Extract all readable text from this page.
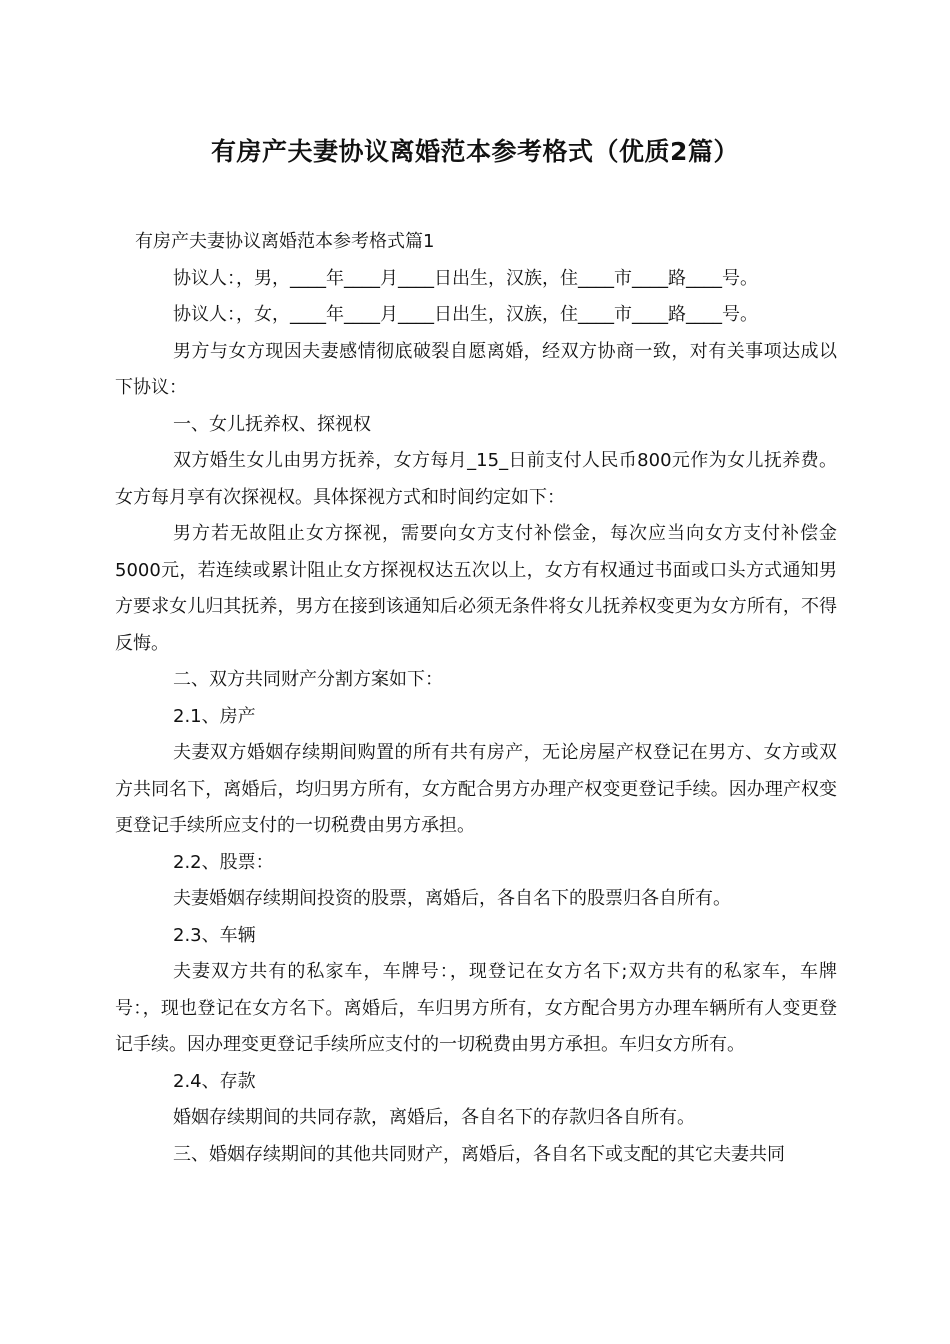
有房产夫妻协议离婚范本参考格式（优质2篇）

有房产夫妻协议离婚范本参考格式篇1

协议人：，男，____年____月____日出生，汉族，住____市____路____号。

协议人：，女，____年____月____日出生，汉族，住____市____路____号。

男方与女方现因夫妻感情彻底破裂自愿离婚，经双方协商一致，对有关事项达成以下协议：

一、女儿抚养权、探视权

双方婚生女儿由男方抚养，女方每月_15_日前支付人民币800元作为女儿抚养费。女方每月享有次探视权。具体探视方式和时间约定如下：

男方若无故阻止女方探视，需要向女方支付补偿金，每次应当向女方支付补偿金5000元，若连续或累计阻止女方探视权达五次以上，女方有权通过书面或口头方式通知男方要求女儿归其抚养，男方在接到该通知后必须无条件将女儿抚养权变更为女方所有，不得反悔。

二、双方共同财产分割方案如下：

2.1、房产

夫妻双方婚姻存续期间购置的所有共有房产，无论房屋产权登记在男方、女方或双方共同名下，离婚后，均归男方所有，女方配合男方办理产权变更登记手续。因办理产权变更登记手续所应支付的一切税费由男方承担。

2.2、股票：

夫妻婚姻存续期间投资的股票，离婚后，各自名下的股票归各自所有。

2.3、车辆

夫妻双方共有的私家车，车牌号：，现登记在女方名下;双方共有的私家车，车牌号：，现也登记在女方名下。离婚后，车归男方所有，女方配合男方办理车辆所有人变更登记手续。因办理变更登记手续所应支付的一切税费由男方承担。车归女方所有。

2.4、存款

婚姻存续期间的共同存款，离婚后，各自名下的存款归各自所有。

三、婚姻存续期间的其他共同财产，离婚后，各自名下或支配的其它夫妻共同
